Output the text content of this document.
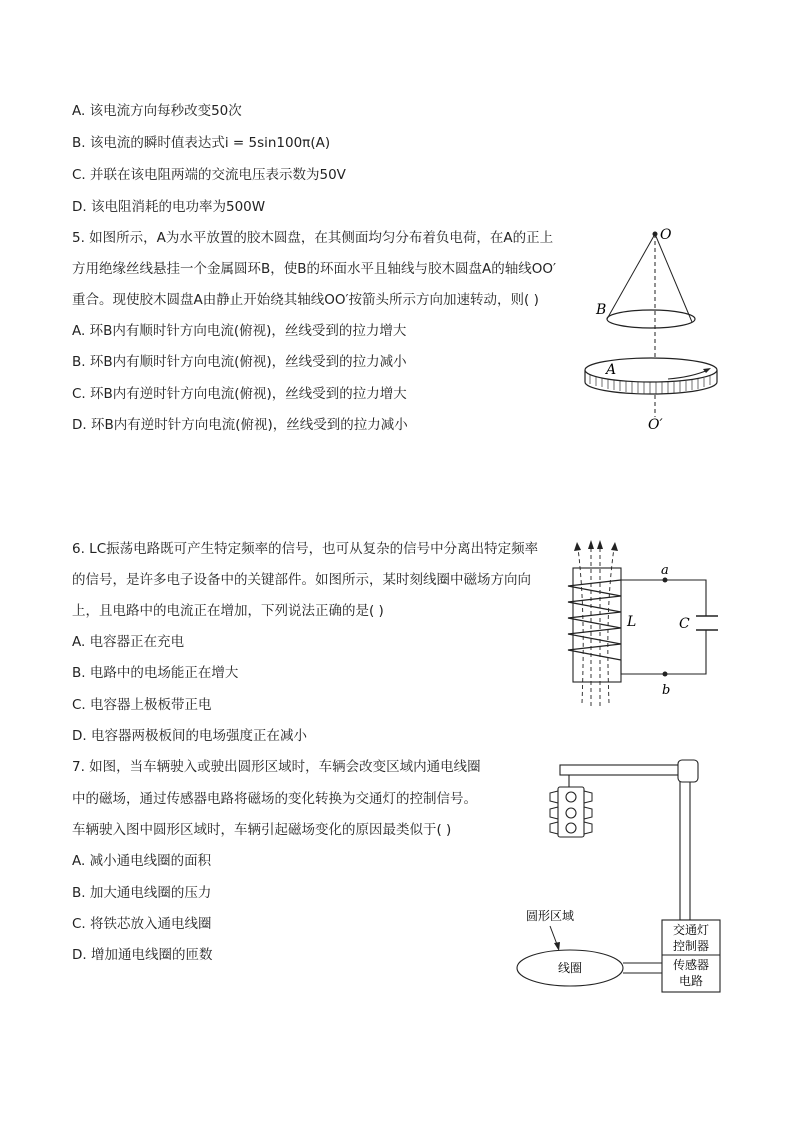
A. 该电流方向每秒改变50次
B. 该电流的瞬时值表达式i = 5sin100π(A)
C. 并联在该电阻两端的交流电压表示数为50V
D. 该电阻消耗的电功率为500W
5. 如图所示，A为水平放置的胶木圆盘，在其侧面均匀分布着负电荷，在A的正上
方用绝缘丝线悬挂一个金属圆环B，使B的环面水平且轴线与胶木圆盘A的轴线OO′
重合。现使胶木圆盘A由静止开始绕其轴线OO′按箭头所示方向加速转动，则( )
A. 环B内有顺时针方向电流(俯视)，丝线受到的拉力增大
B. 环B内有顺时针方向电流(俯视)，丝线受到的拉力减小
C. 环B内有逆时针方向电流(俯视)，丝线受到的拉力增大
D. 环B内有逆时针方向电流(俯视)，丝线受到的拉力减小
O
B
A
O′
6. LC振荡电路既可产生特定频率的信号，也可从复杂的信号中分离出特定频率
的信号，是许多电子设备中的关键部件。如图所示，某时刻线圈中磁场方向向
上，且电路中的电流正在增加，下列说法正确的是( )
A. 电容器正在充电
B. 电路中的电场能正在增大
C. 电容器上极板带正电
D. 电容器两极板间的电场强度正在减小
a
b
L	C
7. 如图，当车辆驶入或驶出圆形区域时，车辆会改变区域内通电线圈
中的磁场，通过传感器电路将磁场的变化转换为交通灯的控制信号。
车辆驶入图中圆形区域时，车辆引起磁场变化的原因最类似于( )
A. 减小通电线圈的面积
B. 加大通电线圈的压力
C. 将铁芯放入通电线圈
D. 增加通电线圈的匝数
交通灯
控制器
传感器
电路
线圈
圆形区域
